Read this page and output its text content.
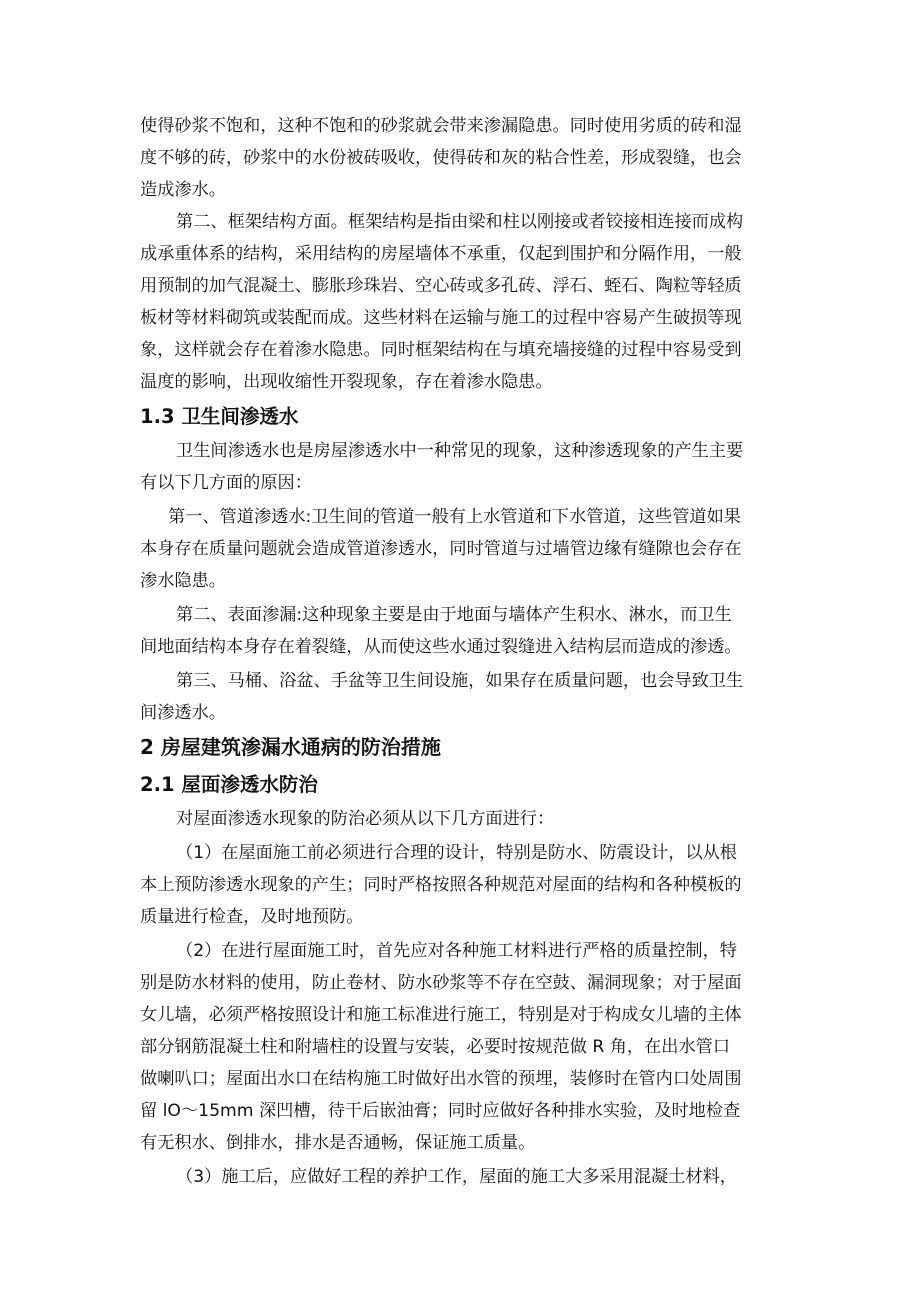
使得砂浆不饱和，这种不饱和的砂浆就会带来渗漏隐患。同时使用劣质的砖和湿
度不够的砖，砂浆中的水份被砖吸收，使得砖和灰的粘合性差，形成裂缝，也会
造成渗水。

第二、框架结构方面。框架结构是指由梁和柱以刚接或者铰接相连接而成构
成承重体系的结构，采用结构的房屋墙体不承重，仅起到围护和分隔作用，一般
用预制的加气混凝土、膨胀珍珠岩、空心砖或多孔砖、浮石、蛭石、陶粒等轻质
板材等材料砌筑或装配而成。这些材料在运输与施工的过程中容易产生破损等现
象，这样就会存在着渗水隐患。同时框架结构在与填充墙接缝的过程中容易受到
温度的影响，出现收缩性开裂现象，存在着渗水隐患。

1.3 卫生间渗透水

卫生间渗透水也是房屋渗透水中一种常见的现象，这种渗透现象的产生主要
有以下几方面的原因：

第一、管道渗透水:卫生间的管道一般有上水管道和下水管道，这些管道如果
本身存在质量问题就会造成管道渗透水，同时管道与过墙管边缘有缝隙也会存在
渗水隐患。

第二、表面渗漏:这种现象主要是由于地面与墙体产生积水、淋水，而卫生
间地面结构本身存在着裂缝，从而使这些水通过裂缝进入结构层而造成的渗透。

第三、马桶、浴盆、手盆等卫生间设施，如果存在质量问题，也会导致卫生
间渗透水。

2 房屋建筑渗漏水通病的防治措施
2.1 屋面渗透水防治

对屋面渗透水现象的防治必须从以下几方面进行：

（1）在屋面施工前必须进行合理的设计，特别是防水、防震设计，以从根
本上预防渗透水现象的产生；同时严格按照各种规范对屋面的结构和各种模板的
质量进行检查，及时地预防。

（2）在进行屋面施工时，首先应对各种施工材料进行严格的质量控制，特
别是防水材料的使用，防止卷材、防水砂浆等不存在空鼓、漏洞现象；对于屋面
女儿墙，必须严格按照设计和施工标准进行施工，特别是对于构成女儿墙的主体
部分钢筋混凝土柱和附墙柱的设置与安装，必要时按规范做 R 角，在出水管口
做喇叭口；屋面出水口在结构施工时做好出水管的预埋，装修时在管内口处周围
留 lO～15mm 深凹槽，待干后嵌油膏；同时应做好各种排水实验，及时地检查
有无积水、倒排水，排水是否通畅，保证施工质量。

（3）施工后，应做好工程的养护工作，屋面的施工大多采用混凝土材料，
